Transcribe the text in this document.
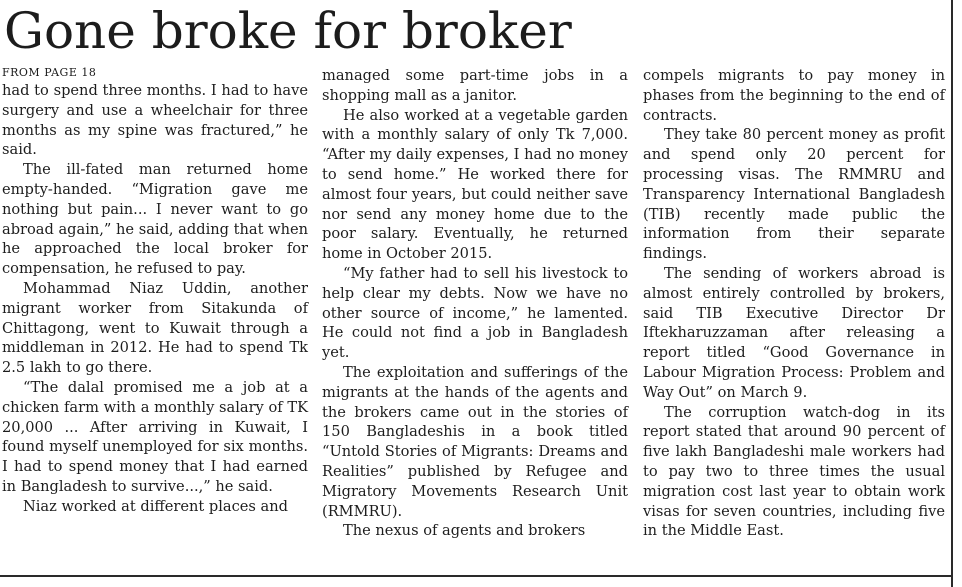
Gone broke for broker
FROM PAGE 18

had to spend three months. I had to have surgery and use a wheelchair for three months as my spine was fractured,” he said.

The ill-fated man returned home empty-handed. “Migration gave me nothing but pain... I never want to go abroad again,” he said, adding that when he approached the local broker for compensation, he refused to pay.

Mohammad Niaz Uddin, another migrant worker from Sitakunda of Chittagong, went to Kuwait through a middleman in 2012. He had to spend Tk 2.5 lakh to go there.

“The dalal promised me a job at a chicken farm with a monthly salary of TK 20,000 ... After arriving in Kuwait, I found myself unemployed for six months. I had to spend money that I had earned in Bangladesh to survive...,” he said.

Niaz worked at different places and

managed some part-time jobs in a shopping mall as a janitor.

He also worked at a vegetable garden with a monthly salary of only Tk 7,000. “After my daily expenses, I had no money to send home.” He worked there for almost four years, but could neither save nor send any money home due to the poor salary. Eventually, he returned home in October 2015.

“My father had to sell his livestock to help clear my debts. Now we have no other source of income,” he lamented. He could not find a job in Bangladesh yet.

The exploitation and sufferings of the migrants at the hands of the agents and the brokers came out in the stories of 150 Bangladeshis in a book titled “Untold Stories of Migrants: Dreams and Realities” published by Refugee and Migratory Movements Research Unit (RMMRU).

The nexus of agents and brokers

compels migrants to pay money in phases from the beginning to the end of contracts.

They take 80 percent money as profit and spend only 20 percent for processing visas. The RMMRU and Transparency International Bangladesh (TIB) recently made public the information from their separate findings.

The sending of workers abroad is almost entirely controlled by brokers, said TIB Executive Director Dr Iftekharuzzaman after releasing a report titled “Good Governance in Labour Migration Process: Problem and Way Out” on March 9.

The corruption watch-dog in its report stated that around 90 percent of five lakh Bangladeshi male workers had to pay two to three times the usual migration cost last year to obtain work visas for seven countries, including five in the Middle East.
